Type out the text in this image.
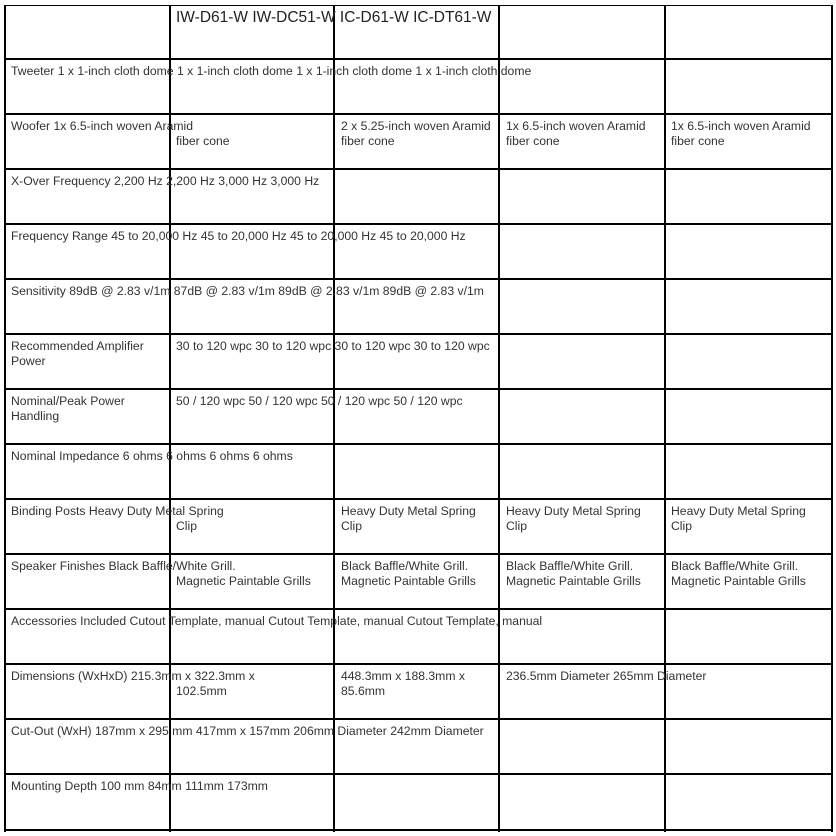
IW-D61-W IW-DC51-W IC-D61-W IC-DT61-W
Tweeter 1 x 1-inch cloth dome 1 x 1-inch cloth dome 1 x 1-inch cloth dome 1 x 1-inch cloth dome
Woofer 1x 6.5-inch woven Aramid
fiber cone
2 x 5.25-inch woven Aramid
fiber cone
1x 6.5-inch woven Aramid
fiber cone
1x 6.5-inch woven Aramid
fiber cone
X-Over Frequency 2,200 Hz 2,200 Hz 3,000 Hz 3,000 Hz
Frequency Range 45 to 20,000 Hz 45 to 20,000 Hz 45 to 20,000 Hz 45 to 20,000 Hz
Sensitivity 89dB @ 2.83 v/1m 87dB @ 2.83 v/1m 89dB @ 2.83 v/1m 89dB @ 2.83 v/1m
Recommended Amplifier
Power
30 to 120 wpc 30 to 120 wpc 30 to 120 wpc 30 to 120 wpc
Nominal/Peak Power
Handling
50 / 120 wpc 50 / 120 wpc 50 / 120 wpc 50 / 120 wpc
Nominal Impedance 6 ohms 6 ohms 6 ohms 6 ohms
Binding Posts Heavy Duty Metal Spring
Clip
Heavy Duty Metal Spring
Clip
Heavy Duty Metal Spring
Clip
Heavy Duty Metal Spring
Clip
Speaker Finishes Black Baffle/White Grill.
Magnetic Paintable Grills
Black Baffle/White Grill.
Magnetic Paintable Grills
Black Baffle/White Grill.
Magnetic Paintable Grills
Black Baffle/White Grill.
Magnetic Paintable Grills
Accessories Included Cutout Template, manual Cutout Template, manual Cutout Template, manual
Dimensions (WxHxD) 215.3mm x 322.3mm x
102.5mm
448.3mm x 188.3mm x
85.6mm
236.5mm Diameter 265mm Diameter
Cut-Out (WxH) 187mm x 295 mm 417mm x 157mm 206mm Diameter 242mm Diameter
Mounting Depth 100 mm 84mm 111mm 173mm
